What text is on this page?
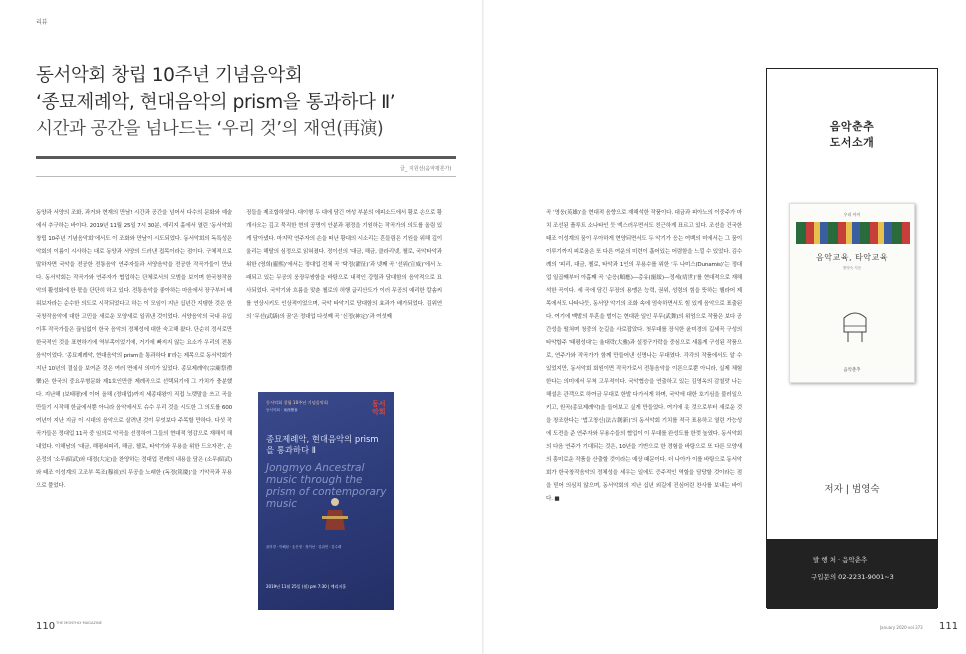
리뷰
동서악회 창립 10주년 기념음악회
‘종묘제례악, 현대음악의 prism을 통과하다 Ⅱ’
시간과 공간을 넘나드는 ‘우리 것’의 재연(再演)
글_ 지원선(음악평론가)

동양과 서양의 조화, 과거와 현재의 만남! 시간과 공간을 넘어서 다수의 문화와 예술에서 추구하는 바이다. 2019년 11월 25일 7시 30분, 예리지 홀에서 열린 ‘동서악회 창립 10주년 기념음악회’에서도 이 조화와 만남이 시도되었다. 동서악회의 독특성은 악회의 이름이 시사하는 대로 동양과 서양의 드러낸 접목이라는 점이다. 구체적으로 말하자면 국악을 전공한 전통음악 연주자들과 서양음악을 전공한 작곡가들이 만났다. 동서악회는 작곡가와 연주자가 협업하는 단체로서의 모범을 보이며 한국창작음악의 활성화에 한 몫을 단단히 하고 있다. 전통음악을 좋아하는 마음에서 장구부터 배워보자라는 순수한 의도로 시작되었다고 하는 이 모임이 지난 십년간 지탱한 것은 한국창작음악에 대한 고민을 새로운 모양새로 일궈낸 것이었다. 서양음악의 국내 유입 이후 작곡가들은 끊임없이 한국 음악의 정체성에 대한 숙고해 왔다. 단순히 정서로만 한국적인 것을 표현하기에 역부족이었기에, 거기에 빠지지 않는 요소가 우리의 전통음악이었다. ‘종묘제례악, 현대음악의 prism을 통과하다 Ⅱ’라는 제목으로 동서악회가 지난 10년의 결실을 보여준 것은 여러 면에서 의미가 있었다. 종묘제례악(宗廟祭禮樂)은 한국의 중요무형문화 제1호인만큼 제례곡으로 선택되기에 그 가치가 충분했다. 지난해 (보태평)에 이어 올해 (정대업)까지 세종대왕이 직접 노랫말을 쓰고 곡을 만들기 시작해 한글에서뿐 아니라 음악에서도 슈수 우리 것을 시도한 그 의도를 600여년이 지난 지금 이 시대의 음악으로 살려낸 것이 무엇보다 주목할 만하다. 다섯 작곡가들은 정대업 11곡 중 임의로 악곡을 선정하여 그들의 현대적 영감으로 재해석 해내었다. 이해남의 ‘대금, 해평쇠피리, 해금, 첼로, 타악기와 무용을 위한 드오자잔’, 손은정의 ‘소무(昭武)와 대정(大定)을 찬양하는 정대업 전례의 내용을 담은 (소무(昭武)와 태조 이성계의 고조부 목조(穆祖)의 무공을 노래한 (독경(篤慶)’을 기악곡과 무용으로 풀었다.

징들을 제조합하였다. 대이형 두 대에 담긴 여성 부분의 에피소드에서 황로 손으로 황개사오는 깊고 묵직한 현의 공명이 안분과 평정을 기원하는 작곡가의 의도를 올림 있게 담아냈다. 마지막 연주자의 손을 떠난 황대의 시소리는 흔들림은 기원을 위해 깊이 울리는 해탈의 심정으로 읽혀졌다. 정이선의 ‘대금, 해금, 클라리넷, 첼로, 국악타악과 위한 (영희(靈熙)’에서는 정대업 전체 곡 ‘탁정(濯征)’과 넷째 곡 ‘선위(宣威)’에서 노래되고 있는 무공의 웅장무쌍함을 바탕으로 내적인 강렬과 담대함의 음악적으로 묘사되었다. 국악기와 흐름을 맞춘 첼로의 허행 글리산도가 이러 무공의 예리한 칼솜씨를 연상시키도 인상적이었으며, 국악 타악기로 당대함의 효과가 배가되었다. 김위연의 ‘무선(武繕)의 꿈’은 정대업 다섯째 곡 ‘신정(神定)’과 여섯째

동서악회 창립 10주년 기념음악회
동서악회 · 東西樂會
동서 악회
종묘제례악, 현대음악의 prism을 통과하다 Ⅱ
Jongmyo Ancestral music through the prism of contemporary music
윤미경 · 이해남 · 손은정 · 정이선 · 김위연 · 김수례
2019년 11월 25일 (월) pm 7:30 | 예리지홀

곡 ‘영웅(英雄)’을 현대적 음향으로 재해석한 작품이다. 대금과 피아노의 이중주가 마치 조선된 플루트 소나타인 듯 엑스러우면서도 친근하게 표르고 있다. 조선을 건국한 태조 이성계의 꿈이 우아하게 현양되면서도 두 악기가 응는 여백의 미에서는 그 꿈이 이루기까지 피로움은 또 다른 여운의 미련이 흡어있는 어렴함을 느낄 수 있었다. 김수례의 ‘피리, 대금, 첼로, 타악과 1인의 무용수를 위한 ‘두 나미스(Dunamis)’는 정대업 일곱째부터 아홉째 곡 ‘순응(順應)—총유(寵綏)—정세(靖世)’를 현대적으로 재해석한 곡이다. 세 곡에 담긴 무장의 용맹은 능력, 권위, 성령의 힘을 뜻하는 헬라어 제목에서도 나타나듯, 동서양 악기의 조화 속에 엄숙하면서도 힘 있게 음악으로 표출된다. 여기에 맥발의 투혼을 벌이는 현대판 일인 무무(武舞)의 위엄으로 작품은 보다 공간성을 떨쳐며 청중의 눈길을 사로잡았다. 첫무대를 장식한 윤미경의 길세곡 구성의 타악합주 ‘태평성대’는 율대락(大雅)과 설정구가락을 중심으로 새롭게 구성된 작품으로, 연주가와 작곡가가 함께 만들어낸 신명나는 무대였다. 각각의 작품에서도 알 수 있었지만, 동서악회 회원이면 작곡가로서 전통음악을 이론으로뿐 아니라, 실제 체험한다는 의미에서 무척 고무적이다. 국악협승을 연출하고 있는 김영옥의 감칠맛 나는 해설은 관객으로 하여금 무대로 한발 다가서게 하며, 국악에 대한 호기심을 불러일으키고, 원곡(종묘제례악)을 들어보고 싶게 만들었다. 여기에 옷 것으로부터 새로운 것을 창조한다는 ‘법고창신(法古創新)’의 동서악회 기치를 적극 표용하고 열린 가능성에 도전을 준 연주자와 무용수들의 협업이 이 무대를 완성도를 한껏 높였다. 동서악회의 다음 연주가 기대되는 것은, 10년을 기반으로 한 경험을 바탕으로 또 다른 모양새의 흥미로운 작품을 산출할 것이라는 예상 때문이다. 더 나아가 이를 바탕으로 동서악회가 한국창작음악의 정체성을 세우는 일에도 증주적인 역할을 담당할 것이라는 점을 믿어 의심치 않으며, 동서악회의 지난 십년 외길에 진심어린 찬사를 보내는 바이다. ■

110 THE MONTHLY MAGAZINE
January 2020 vol.373 111
음악춘추
도서소개
우리 아이
음악교육, 타악교육
범영숙 지음
음악춘추
저자 | 범영숙
발 행 처 · 음악춘추
구입문의 02-2231-9001~3
